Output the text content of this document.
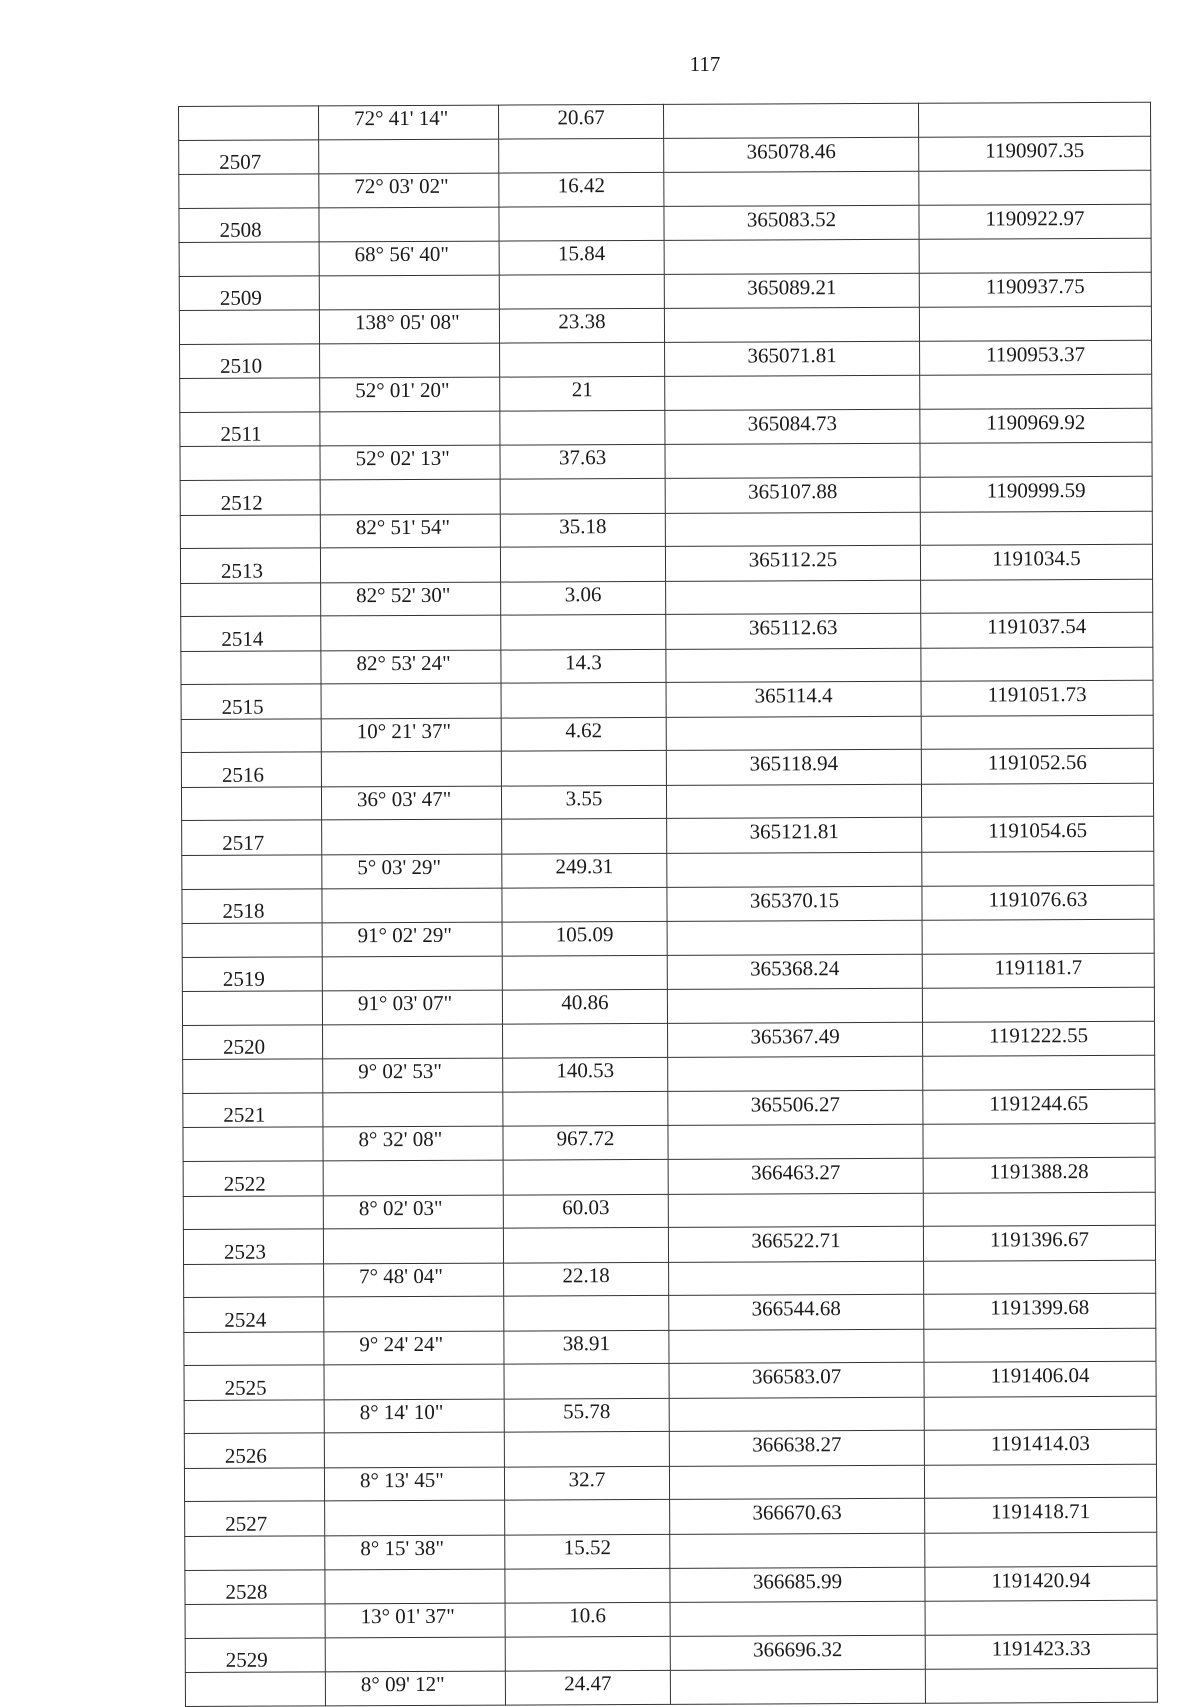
117
	72° 41' 14"	20.67		
2507			365078.46	1190907.35
	72° 03' 02"	16.42		
2508			365083.52	1190922.97
	68° 56' 40"	15.84		
2509			365089.21	1190937.75
	138° 05' 08"	23.38		
2510			365071.81	1190953.37
	52° 01' 20"	21		
2511			365084.73	1190969.92
	52° 02' 13"	37.63		
2512			365107.88	1190999.59
	82° 51' 54"	35.18		
2513			365112.25	1191034.5
	82° 52' 30"	3.06		
2514			365112.63	1191037.54
	82° 53' 24"	14.3		
2515			365114.4	1191051.73
	10° 21' 37"	4.62		
2516			365118.94	1191052.56
	36° 03' 47"	3.55		
2517			365121.81	1191054.65
	5° 03' 29"	249.31		
2518			365370.15	1191076.63
	91° 02' 29"	105.09		
2519			365368.24	1191181.7
	91° 03' 07"	40.86		
2520			365367.49	1191222.55
	9° 02' 53"	140.53		
2521			365506.27	1191244.65
	8° 32' 08"	967.72		
2522			366463.27	1191388.28
	8° 02' 03"	60.03		
2523			366522.71	1191396.67
	7° 48' 04"	22.18		
2524			366544.68	1191399.68
	9° 24' 24"	38.91		
2525			366583.07	1191406.04
	8° 14' 10"	55.78		
2526			366638.27	1191414.03
	8° 13' 45"	32.7		
2527			366670.63	1191418.71
	8° 15' 38"	15.52		
2528			366685.99	1191420.94
	13° 01' 37"	10.6		
2529			366696.32	1191423.33
	8° 09' 12"	24.47		
